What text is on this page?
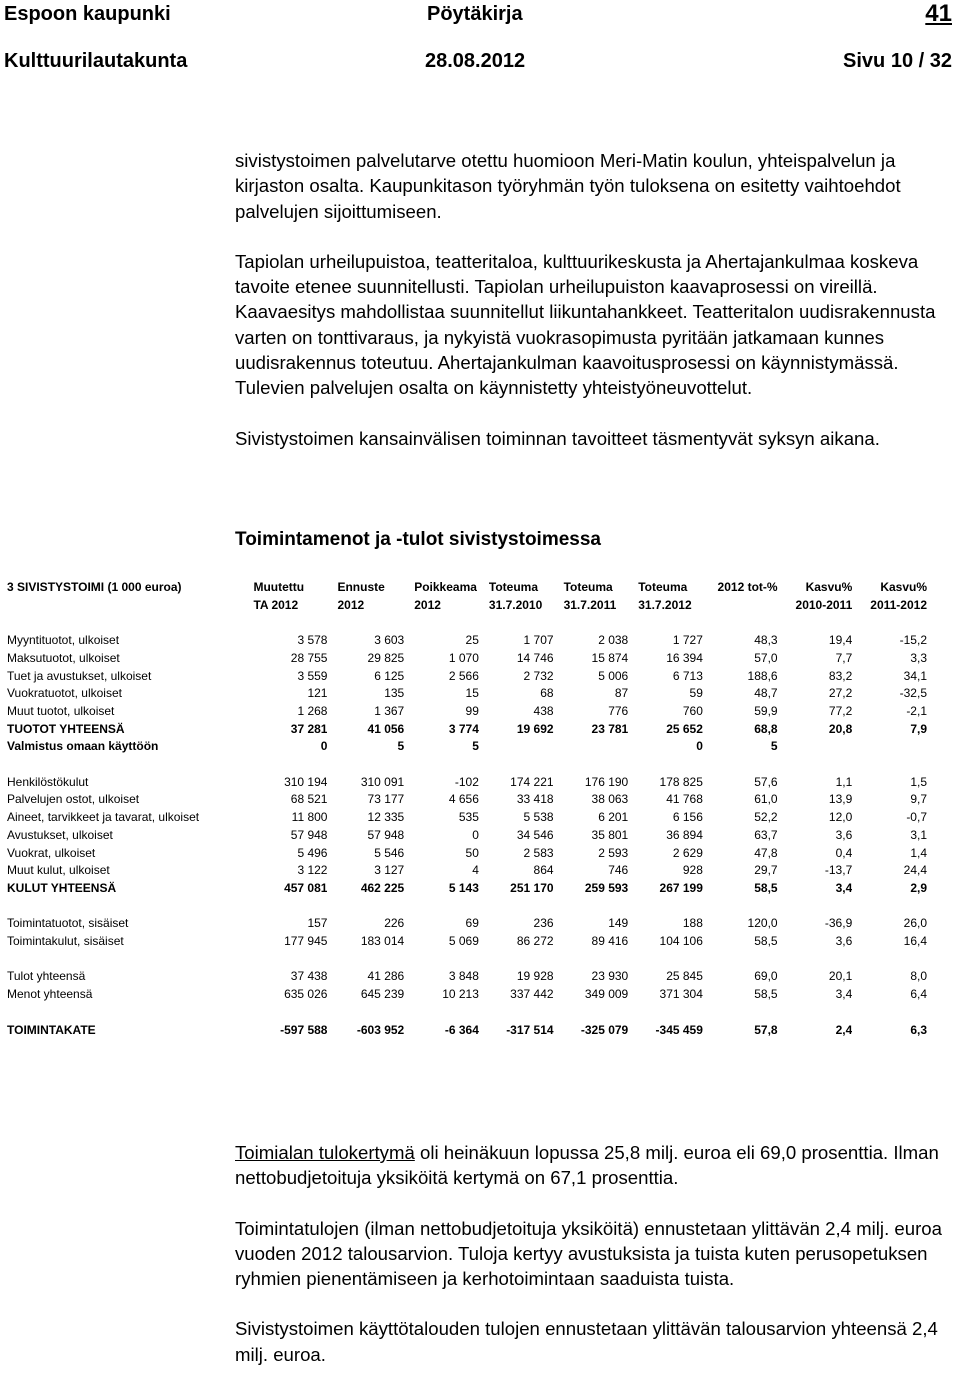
Espoon kaupunki	Pöytäkirja	41
Kulttuurilautakunta	28.08.2012	Sivu 10 / 32

sivistystoimen palvelutarve otettu huomioon Meri-Matin koulun, yhteispalvelun ja kirjaston osalta. Kaupunkitason työryhmän työn tuloksena on esitetty vaihtoehdot palvelujen sijoittumiseen.

Tapiolan urheilupuistoa, teatteritaloa, kulttuurikeskusta ja Ahertajankulmaa koskeva tavoite etenee suunnitellusti. Tapiolan urheilupuiston kaavaprosessi on vireillä. Kaavaesitys mahdollistaa suunnitellut liikuntahankkeet. Teatteritalon uudisrakennusta varten on tonttivaraus, ja nykyistä vuokrasopimusta pyritään jatkamaan kunnes uudisrakennus toteutuu. Ahertajankulman kaavoitusprosessi on käynnistymässä. Tulevien palvelujen osalta on käynnistetty yhteistyöneuvottelut.

Sivistystoimen kansainvälisen toiminnan tavoitteet täsmentyvät syksyn aikana.

Toimintamenot ja -tulot sivistystoimessa
3 SIVISTYSTOIMI (1 000 euroa)	Muutettu	Ennuste	Poikkeama	Toteuma	Toteuma	Toteuma	2012 tot-%	Kasvu%	Kasvu%
	TA 2012	2012	2012	31.7.2010	31.7.2011	31.7.2012		2010-2011	2011-2012

Myyntituotot, ulkoiset	3 578	3 603	25	1 707	2 038	1 727	48,3	19,4	-15,2
Maksutuotot, ulkoiset	28 755	29 825	1 070	14 746	15 874	16 394	57,0	7,7	3,3
Tuet ja avustukset, ulkoiset	3 559	6 125	2 566	2 732	5 006	6 713	188,6	83,2	34,1
Vuokratuotot, ulkoiset	121	135	15	68	87	59	48,7	27,2	-32,5
Muut tuotot, ulkoiset	1 268	1 367	99	438	776	760	59,9	77,2	-2,1
TUOTOT YHTEENSÄ	37 281	41 056	3 774	19 692	23 781	25 652	68,8	20,8	7,9
Valmistus omaan käyttöön	0	5	5			0	5		

Henkilöstökulut	310 194	310 091	-102	174 221	176 190	178 825	57,6	1,1	1,5
Palvelujen ostot, ulkoiset	68 521	73 177	4 656	33 418	38 063	41 768	61,0	13,9	9,7
Aineet, tarvikkeet ja tavarat, ulkoiset	11 800	12 335	535	5 538	6 201	6 156	52,2	12,0	-0,7
Avustukset, ulkoiset	57 948	57 948	0	34 546	35 801	36 894	63,7	3,6	3,1
Vuokrat, ulkoiset	5 496	5 546	50	2 583	2 593	2 629	47,8	0,4	1,4
Muut kulut, ulkoiset	3 122	3 127	4	864	746	928	29,7	-13,7	24,4
KULUT YHTEENSÄ	457 081	462 225	5 143	251 170	259 593	267 199	58,5	3,4	2,9

Toimintatuotot, sisäiset	157	226	69	236	149	188	120,0	-36,9	26,0
Toimintakulut, sisäiset	177 945	183 014	5 069	86 272	89 416	104 106	58,5	3,6	16,4

Tulot yhteensä	37 438	41 286	3 848	19 928	23 930	25 845	69,0	20,1	8,0
Menot yhteensä	635 026	645 239	10 213	337 442	349 009	371 304	58,5	3,4	6,4

TOIMINTAKATE	-597 588	-603 952	-6 364	-317 514	-325 079	-345 459	57,8	2,4	6,3

Toimialan tulokertymä oli heinäkuun lopussa 25,8 milj. euroa eli 69,0 prosenttia. Ilman nettobudjetoituja yksiköitä kertymä on 67,1 prosenttia.

Toimintatulojen (ilman nettobudjetoituja yksiköitä) ennustetaan ylittävän 2,4 milj. euroa vuoden 2012 talousarvion. Tuloja kertyy avustuksista ja tuista kuten perusopetuksen ryhmien pienentämiseen ja kerhotoimintaan saaduista tuista.

Sivistystoimen käyttötalouden tulojen ennustetaan ylittävän talousarvion yhteensä 2,4 milj. euroa.
